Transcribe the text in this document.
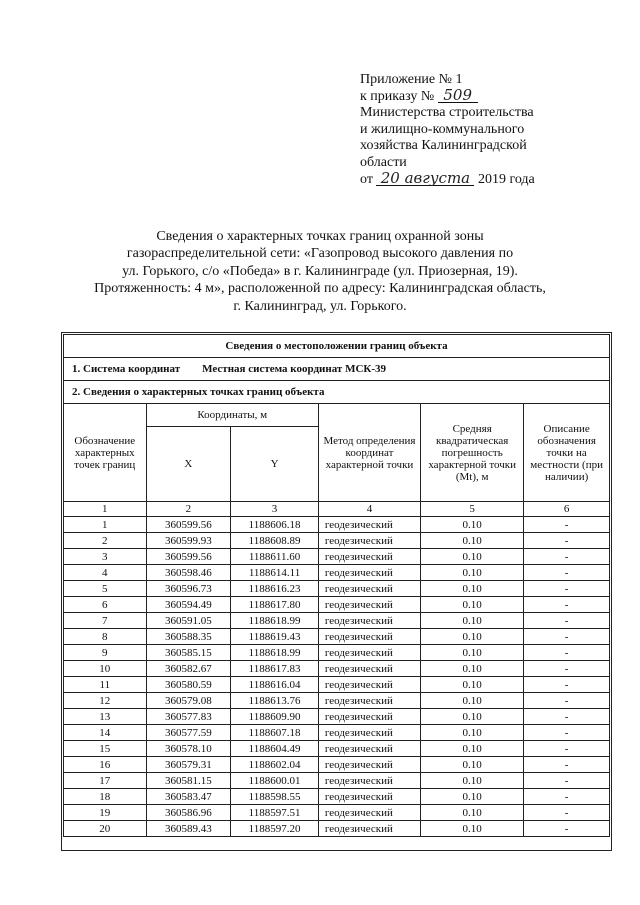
Приложение № 1
к приказу № 509
Министерства строительства
и жилищно-коммунального
хозяйства Калининградской
области
от 20 августа 2019 года
Сведения о характерных точках границ охранной зоны
газораспределительной сети: «Газопровод высокого давления по
ул. Горького, с/о «Победа» в г. Калининграде (ул. Приозерная, 19).
Протяженность: 4 м», расположенной по адресу: Калининградская область,
г. Калининград, ул. Горького.
Сведения о местоположении границ объекта					
1. Система координат Местная система координат МСК-39					
2. Сведения о характерных точках границ объекта					
Обозначение характерных точек границ	Координаты, м		Метод определения координат характерной точки	Средняя квадратическая погрешность характерной точки (Mt), м	Описание обозначения точки на местности (при наличии)
	X	Y			
1	2	3	4	5	6
1	360599.56	1188606.18	геодезический	0.10	-
2	360599.93	1188608.89	геодезический	0.10	-
3	360599.56	1188611.60	геодезический	0.10	-
4	360598.46	1188614.11	геодезический	0.10	-
5	360596.73	1188616.23	геодезический	0.10	-
6	360594.49	1188617.80	геодезический	0.10	-
7	360591.05	1188618.99	геодезический	0.10	-
8	360588.35	1188619.43	геодезический	0.10	-
9	360585.15	1188618.99	геодезический	0.10	-
10	360582.67	1188617.83	геодезический	0.10	-
11	360580.59	1188616.04	геодезический	0.10	-
12	360579.08	1188613.76	геодезический	0.10	-
13	360577.83	1188609.90	геодезический	0.10	-
14	360577.59	1188607.18	геодезический	0.10	-
15	360578.10	1188604.49	геодезический	0.10	-
16	360579.31	1188602.04	геодезический	0.10	-
17	360581.15	1188600.01	геодезический	0.10	-
18	360583.47	1188598.55	геодезический	0.10	-
19	360586.96	1188597.51	геодезический	0.10	-
20	360589.43	1188597.20	геодезический	0.10	-
